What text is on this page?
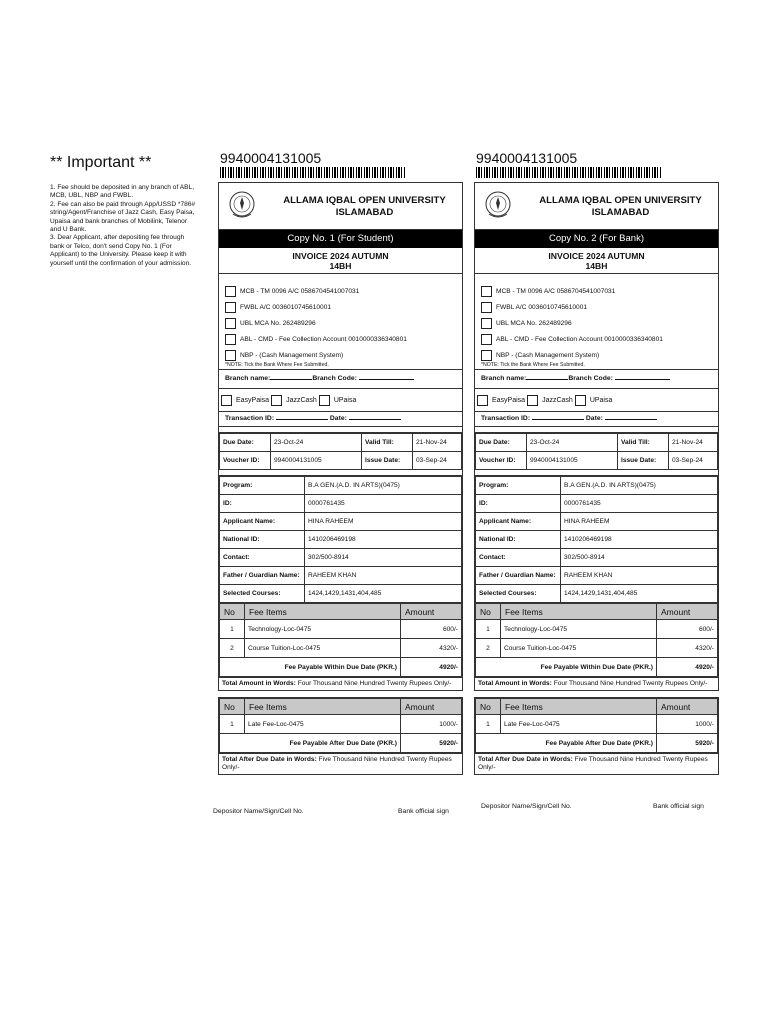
** Important **
1. Fee should be deposited in any branch of ABL,
MCB, UBL, NBP and FWBL.
2. Fee can also be paid through App/USSD *786#
string/Agent/Franchise of Jazz Cash, Easy Paisa,
Upaisa and bank branches of Mobilink, Telenor
and U Bank.
3. Dear Applicant, after depositing fee through
bank or Telco, don't send Copy No. 1 (For
Applicant) to the University. Please keep it with
yourself until the confirmation of your admission.
9940004131005
ALLAMA IQBAL OPEN UNIVERSITY
ISLAMABAD
Copy No. 1 (For Student)
INVOICE 2024 AUTUMN
14BH
MCB - TM 0096 A/C 0586704541007031
FWBL A/C 0036010745610001
UBL MCA No. 262489296
ABL - CMD - Fee Collection Account 0010000336340801
NBP - (Cash Management System)
*NOTE: Tick the Bank Where Fee Submitted.
Branch name:	Branch Code:
EasyPaisa JazzCash UPaisa
Transaction ID:	Date:
Due Date:	23-Oct-24	Valid Till:	21-Nov-24
Voucher ID:	9940004131005	Issue Date:	03-Sep-24
Program:	B.A GEN.(A.D. IN ARTS)(0475)
ID:	0000761435
Applicant Name:	HINA RAHEEM
National ID:	1410206469198
Contact:	302/500-8914
Father / Guardian Name:	RAHEEM KHAN
Selected Courses:	1424,1429,1431,404,485
No	Fee Items	Amount
1	Technology-Loc-0475	600/-
2	Course Tuition-Loc-0475	4320/-
Fee Payable Within Due Date (PKR.)		4920/-
Total Amount in Words: Four Thousand Nine Hundred Twenty Rupees Only/-
No	Fee Items	Amount
1	Late Fee-Loc-0475	1000/-
Fee Payable After Due Date (PKR.)		5920/-
Total After Due Date in Words: Five Thousand Nine Hundred Twenty Rupees Only/-
9940004131005
ALLAMA IQBAL OPEN UNIVERSITY
ISLAMABAD
Copy No. 2 (For Bank)
INVOICE 2024 AUTUMN
14BH
MCB - TM 0096 A/C 0586704541007031
FWBL A/C 0036010745610001
UBL MCA No. 262489296
ABL - CMD - Fee Collection Account 0010000336340801
NBP - (Cash Management System)
*NOTE: Tick the Bank Where Fee Submitted.
Branch name:	Branch Code:
EasyPaisa JazzCash UPaisa
Transaction ID:	Date:
Due Date:	23-Oct-24	Valid Till:	21-Nov-24
Voucher ID:	9940004131005	Issue Date:	03-Sep-24
Program:	B.A GEN.(A.D. IN ARTS)(0475)
ID:	0000761435
Applicant Name:	HINA RAHEEM
National ID:	1410206469198
Contact:	302/500-8914
Father / Guardian Name:	RAHEEM KHAN
Selected Courses:	1424,1429,1431,404,485
No	Fee Items	Amount
1	Technology-Loc-0475	600/-
2	Course Tuition-Loc-0475	4320/-
Fee Payable Within Due Date (PKR.)		4920/-
Total Amount in Words: Four Thousand Nine Hundred Twenty Rupees Only/-
No	Fee Items	Amount
1	Late Fee-Loc-0475	1000/-
Fee Payable After Due Date (PKR.)		5920/-
Total After Due Date in Words: Five Thousand Nine Hundred Twenty Rupees Only/-
Depositor Name/Sign/Cell No.	Bank official sign
Depositor Name/Sign/Cell No.	Bank official sign
